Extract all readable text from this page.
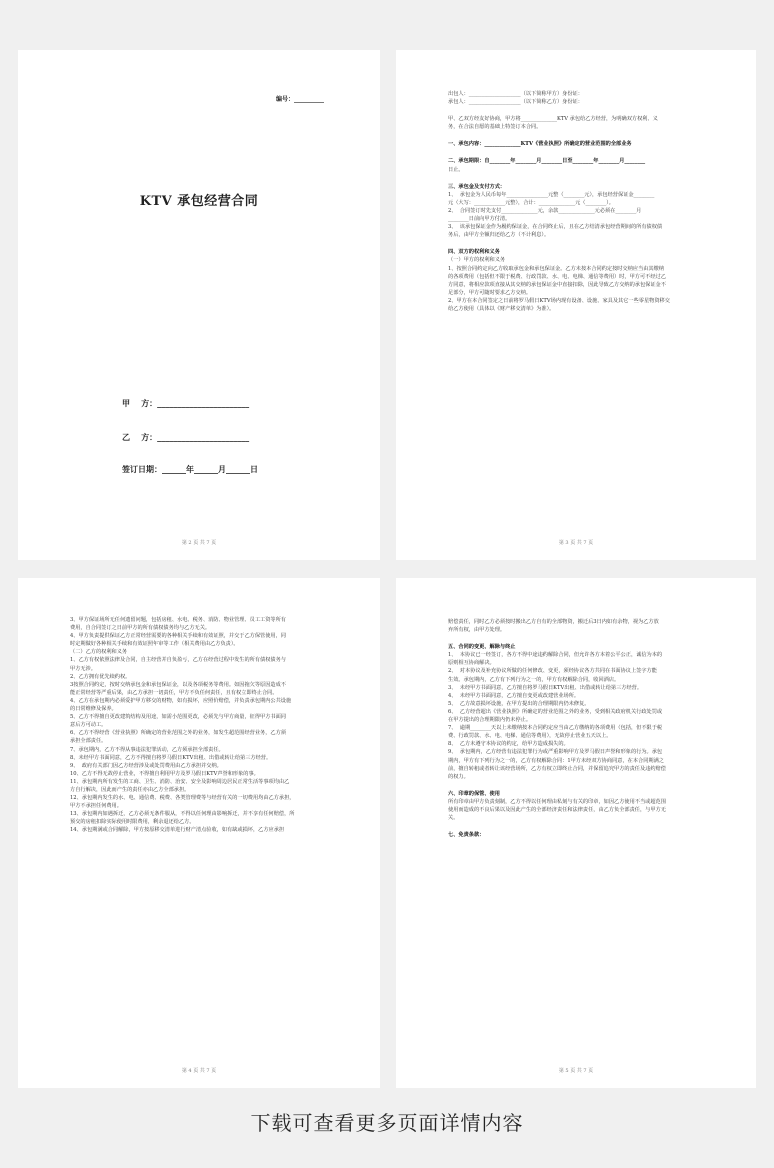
编号：__________
KTV 承包经营合同
甲    方：_______________________
乙    方：_______________________
签订日期：______年______月______日
第 2 页 共 7 页

出包人：____________________（以下简称甲方）身份证：

承包人：____________________（以下简称乙方）身份证：

甲、乙双方经友好协商，甲方将______________KTV 承包给乙方经营，为明确双方权利、义

务，在合法自愿的基础上特签订本合同。

一、承包内容：______________KTV《营业执照》所确定的营业范围的全部业务

二、承包期限：自________年________月________日至________年________月________

日止。

三、承包金及支付方式：

1、  承包金为人民币每年________________元整（________元），承包经营保证金________

元（大写：____________元整），合计：______________元（________）。

2、  合同签订时先支付______________元，余款______________元必须在________月

________日前向甲方付清。

3、  该承包保证金作为履约保证金，在合同终止后，且在乙方结清承包经营期间的所有债权债

务后，由甲方全额归还给乙方（不计利息）。

四、双方的权利和义务

（一）甲方的权利和义务

1、按照合同约定向乙方收取承包金和承包保证金。乙方未按本合同约定按时交纳应当由其缴纳

的各项费用（包括但不限于税费、行政罚款、水、电、电梯、通信等费用）时，甲方可不经过乙

方同意，将相应款项直接从其交纳的承包保证金中直接扣除，因此导致乙方交纳的承包保证金不

足部分，甲方可随时要求乙方交纳。

2、甲方在本合同签定之日前将罗马假日KTV场内现有设备、设施、家具及其它一些零星物资移交

给乙方使用（具体以《财产移交清单》为准）。

第 3 页 共 7 页

3、甲方保证场所无任何遗留问题，包括房租、水电、税务、消防、物业管理、员工工资等所有

费用，自合同签订之日前甲方的所有债权债务均与乙方无关。

4、甲方负责提供保证乙方正常经营需要的各种相关手续和有效证照，并交于乙方保管使用，同

时定期做好各种相关手续和有效证照年审等工作（相关费用由乙方负责）。

（二）乙方的权利和义务

1、乙方有权依照法律及合同，自主经营并自负盈亏，乙方在经营过程中发生的所有债权债务与

甲方无涉。

2、乙方拥有优先续约权。

3按照合同约定，按时交纳承包金和承包保证金，以及各项税务等费用。如因拖欠等原因造成不

能正常经营等严重后果，由乙方承担一切责任，甲方不负任何责任，且有权立即终止合同。

4、乙方在承包期内必须爱护甲方移交的财物，如有损坏，应照价赔偿，并负责承包期内公共设施

的日常维修及保养。

5、乙方不得擅自更改建筑结构及用途，如需小范围更改，必须先与甲方商量，征得甲方书面同

意后方可动工。

6、乙方不得经营《营业执照》所确定的营业范围之外的业务，如发生超范围经营业务，乙方须

承担全部责任。

7、承包期内，乙方不得从事违法犯罪活动，乙方须承担全部责任。

8、未经甲方书面同意，乙方不得擅自将罗马假日KTV出租、出借或转让给第三方经营。

9、  政府有关部门因乙方经营涉及或处罚费用由乙方承担并交纳。

10、乙方不得无故停止营业，不得擅自利用甲方及罗马假日KTV声誉和形象的事。

11、承包期内所有发生的工商、卫生、消防、治安、安全及影响周边居民正常生活等事项均由乙

方自行解决，因此而产生的责任亦由乙方全部承担。

12、承包期内发生的水、电、通信费、税费、各类管理费等与经营有关的一切费用均由乙方承担，

甲方不承担任何费用。

13、承包期内如遇拆迁，乙方必须无条件服从，不得以任何理由影响拆迁，并不享有任何赔偿，所

预交的房租扣除实际使用时限费用，剩余退还给乙方。

14、承包期满或合同解除，甲方按原移交清单进行财产清点验收，如有缺或损坏，乙方应承担

第 4 页 共 7 页

赔偿责任，同时乙方必须按时搬出乙方自有的全部物资，搬迁后3日内如有余物，视为乙方放

弃所有权，由甲方处理。

五、合同的变更、解除与终止

1、  本协议已一经签订，各方不得中途违约解除合同，但允许各方本着公平公正，诚信为本的

原则相互协商解决。

2、  对本协议及补充协议所做的任何修改、变更，须经协议各方共同在书面协议上签字方能

生效。承包期内，乙方有下列行为之一的，甲方有权解除合同，收回酒店。

3、  未经甲方书面同意，乙方擅自将罗马假日KTV出租、出借或转让给第三方经营。

4、  未经甲方书面同意，乙方擅自变更或改建营业场所。

5、  乙方故意损坏设施，在甲方提出的合理期限内仍未修复。

6、  乙方经营超出《营业执照》所确定的营业范围之外的业务，受到相关政府机关行政处罚或

在甲方提出的合理期限内仍未停止。

7、  逾期________天以上未缴纳按本合同约定应当由乙方缴纳的各项费用（包括，但不限于税

费、行政罚款、水、电、电梯、通信等费用），无故停止营业五天以上。

8、  乙方未遵守本协议的约定，给甲方造成损失的。

9、  承包期内，乙方经营有违法犯罪行为或严重影响甲方及罗马假日声誉和形象的行为。承包

期内，甲方有下列行为之一的，乙方有权解除合同：1甲方未经双方协商同意，在本合同期满之

前，擅自转租或者转让该经营场所，乙方有权立即终止合同，并保留追究甲方的责任及违约赔偿

的权力。

六、印章的保管、使用

所有印章由甲方负责刻制，乙方不得以任何理由私刻与有关的印章，如因乙方使用不当或超范围

使用而造成的不良后果以及因此产生的全部经济责任和法律责任，由乙方负全部责任，与甲方无

关。

七、免责条款：

第 5 页 共 7 页
下载可查看更多页面详情内容
